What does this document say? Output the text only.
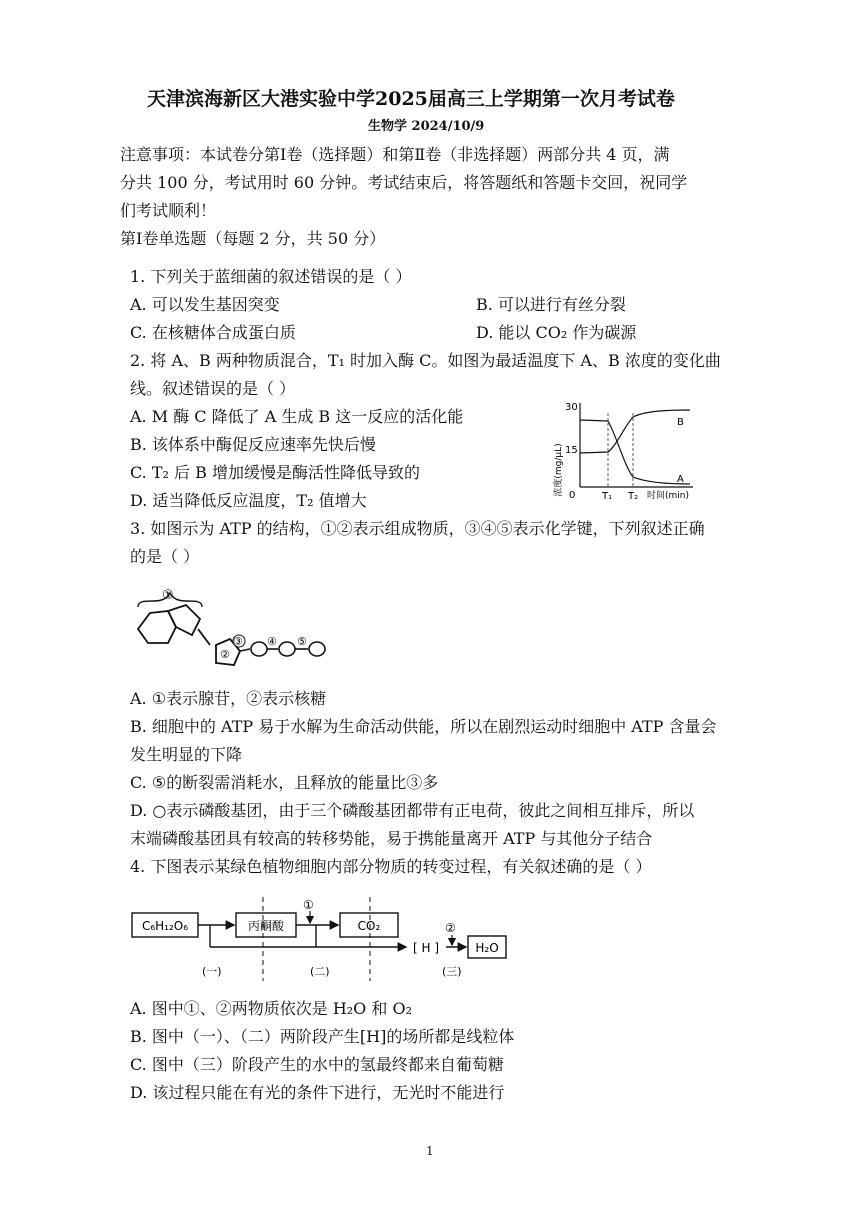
天津滨海新区大港实验中学2025届高三上学期第一次月考试卷
生物学 2024/10/9
注意事项：本试卷分第Ⅰ卷（选择题）和第Ⅱ卷（非选择题）两部分共 4 页，满
分共 100 分，考试用时 60 分钟。考试结束后，将答题纸和答题卡交回，祝同学
们考试顺利！
第Ⅰ卷单选题（每题 2 分，共 50 分）
1. 下列关于蓝细菌的叙述错误的是（ ）
A. 可以发生基因突变	B. 可以进行有丝分裂
C. 在核糖体合成蛋白质	D. 能以 CO₂ 作为碳源
2. 将 A、B 两种物质混合，T₁ 时加入酶 C。如图为最适温度下 A、B 浓度的变化曲
线。叙述错误的是（ ）
A. M 酶 C 降低了 A 生成 B 这一反应的活化能
B. 该体系中酶促反应速率先快后慢
C. T₂ 后 B 增加缓慢是酶活性降低导致的
D. 适当降低反应温度，T₂ 值增大
浓度(mg/μL)
30
15
0
B
A
T₁ T₂ 时间(min)
3. 如图示为 ATP 的结构，①②表示组成物质，③④⑤表示化学键，下列叙述正确
的是（ ）
①
②
③ ④ ⑤
A. ①表示腺苷，②表示核糖
B. 细胞中的 ATP 易于水解为生命活动供能，所以在剧烈运动时细胞中 ATP 含量会
发生明显的下降
C. ⑤的断裂需消耗水，且释放的能量比③多
D. ○表示磷酸基团，由于三个磷酸基团都带有正电荷，彼此之间相互排斥，所以
末端磷酸基团具有较高的转移势能，易于携能量离开 ATP 与其他分子结合
4. 下图表示某绿色植物细胞内部分物质的转变过程，有关叙述确的是（ ）
C₆H₁₂O₆	丙酮酸
①
CO₂
[ H ]
②
H₂O
(一)	(二)	(三)
A. 图中①、②两物质依次是 H₂O 和 O₂
B. 图中（一）、（二）两阶段产生[H]的场所都是线粒体
C. 图中（三）阶段产生的水中的氢最终都来自葡萄糖
D. 该过程只能在有光的条件下进行，无光时不能进行
1
